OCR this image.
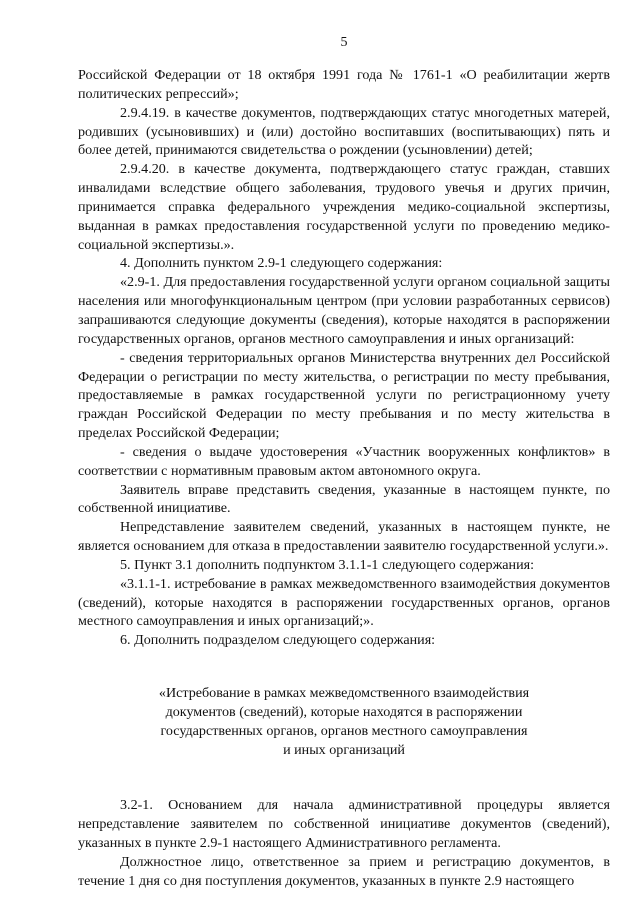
5

Российской Федерации от 18 октября 1991 года № 1761-1 «О реабилитации жертв политических репрессий»;

2.9.4.19. в качестве документов, подтверждающих статус многодетных матерей, родивших (усыновивших) и (или) достойно воспитавших (воспитывающих) пять и более детей, принимаются свидетельства о рождении (усыновлении) детей;

2.9.4.20. в качестве документа, подтверждающего статус граждан, ставших инвалидами вследствие общего заболевания, трудового увечья и других причин, принимается справка федерального учреждения медико-социальной экспертизы, выданная в рамках предоставления государственной услуги по проведению медико-социальной экспертизы.».

4. Дополнить пунктом 2.9-1 следующего содержания:

«2.9-1. Для предоставления государственной услуги органом социальной защиты населения или многофункциональным центром (при условии разработанных сервисов) запрашиваются следующие документы (сведения), которые находятся в распоряжении государственных органов, органов местного самоуправления и иных организаций:

- сведения территориальных органов Министерства внутренних дел Российской Федерации о регистрации по месту жительства, о регистрации по месту пребывания, предоставляемые в рамках государственной услуги по регистрационному учету граждан Российской Федерации по месту пребывания и по месту жительства в пределах Российской Федерации;

- сведения о выдаче удостоверения «Участник вооруженных конфликтов» в соответствии с нормативным правовым актом автономного округа.

Заявитель вправе представить сведения, указанные в настоящем пункте, по собственной инициативе.

Непредставление заявителем сведений, указанных в настоящем пункте, не является основанием для отказа в предоставлении заявителю государственной услуги.».

5. Пункт 3.1 дополнить подпунктом 3.1.1-1 следующего содержания:

«3.1.1-1. истребование в рамках межведомственного взаимодействия документов (сведений), которые находятся в распоряжении государственных органов, органов местного самоуправления и иных организаций;».

6. Дополнить подразделом следующего содержания:

«Истребование в рамках межведомственного взаимодействия
документов (сведений), которые находятся в распоряжении
государственных органов, органов местного самоуправления
и иных организаций

3.2-1. Основанием для начала административной процедуры является непредставление заявителем по собственной инициативе документов (сведений), указанных в пункте 2.9-1 настоящего Административного регламента.

Должностное лицо, ответственное за прием и регистрацию документов, в течение 1 дня со дня поступления документов, указанных в пункте 2.9 настоящего
